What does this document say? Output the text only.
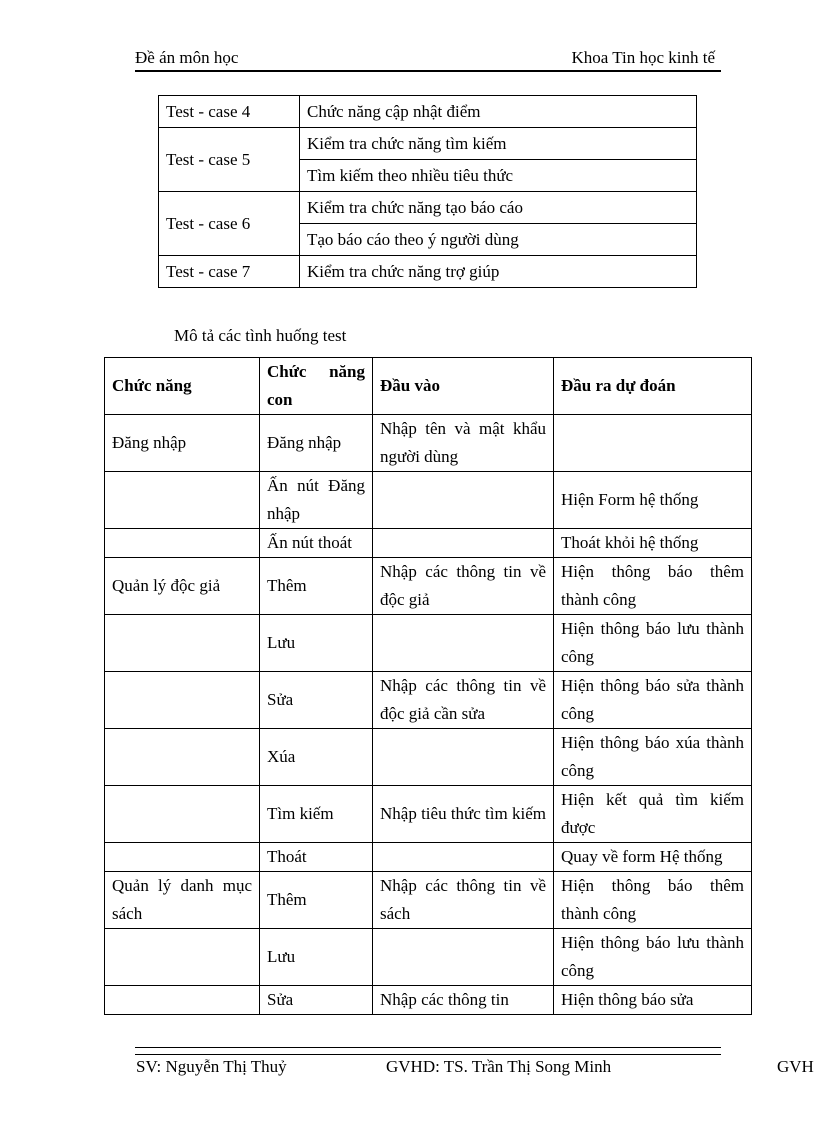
Đề án môn học	Khoa Tin học kinh tế
Test - case 4	Chức năng cập nhật điểm
Test - case 5	Kiểm tra chức năng tìm kiếm
	Tìm kiếm theo nhiều tiêu thức
Test - case 6	Kiểm tra chức năng tạo báo cáo
	Tạo báo cáo theo ý người dùng
Test - case 7	Kiểm tra chức năng trợ giúp
Mô tả các tình huống test
Chức năng	Chức năng con	Đầu vào	Đầu ra dự đoán
Đăng nhập	Đăng nhập	Nhập tên và mật khẩu người dùng	
	Ấn nút Đăng nhập		Hiện Form hệ thống
	Ấn nút thoát		Thoát khỏi hệ thống
Quản lý độc giả	Thêm	Nhập các thông tin về độc giả	Hiện thông báo thêm thành công
	Lưu		Hiện thông báo lưu thành công
	Sửa	Nhập các thông tin về độc giả cần sửa	Hiện thông báo sửa thành công
	Xúa		Hiện thông báo xúa thành công
	Tìm kiếm	Nhập tiêu thức tìm kiếm	Hiện kết quả tìm kiếm được
	Thoát		Quay về form Hệ thống
Quản lý danh mục sách	Thêm	Nhập các thông tin về sách	Hiện thông báo thêm thành công
	Lưu		Hiện thông báo lưu thành công
	Sửa	Nhập các thông tin	Hiện thông báo sửa
SV: Nguyễn Thị Thuỷ	GVHD: TS. Trần Thị Song Minh	GVH
